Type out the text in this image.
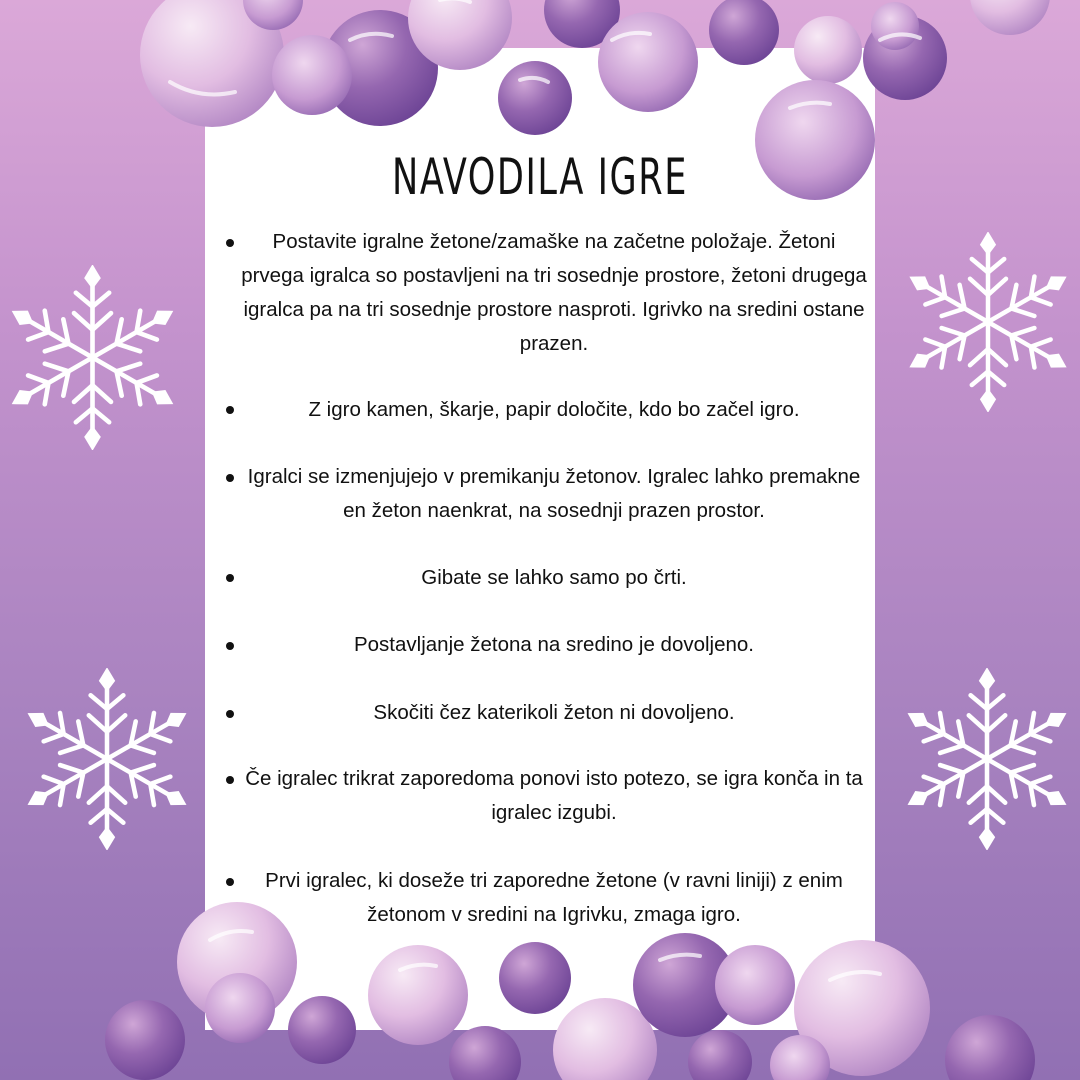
NAVODILA IGRE
Postavite igralne žetone/zamaške na začetne položaje. Žetoni prvega igralca so postavljeni na tri sosednje prostore, žetoni drugega igralca pa na tri sosednje prostore nasproti. Igrivko na sredini ostane prazen.
Z igro kamen, škarje, papir določite, kdo bo začel igro.
Igralci se izmenjujejo v premikanju žetonov. Igralec lahko premakne en žeton naenkrat, na sosednji prazen prostor.
Gibate se lahko samo po črti.
Postavljanje žetona na sredino je dovoljeno.
Skočiti čez katerikoli žeton ni dovoljeno.
Če igralec trikrat zaporedoma ponovi isto potezo, se igra konča in ta igralec izgubi.
Prvi igralec, ki doseže tri zaporedne žetone (v ravni liniji) z enim žetonom v sredini na Igrivku, zmaga igro.
